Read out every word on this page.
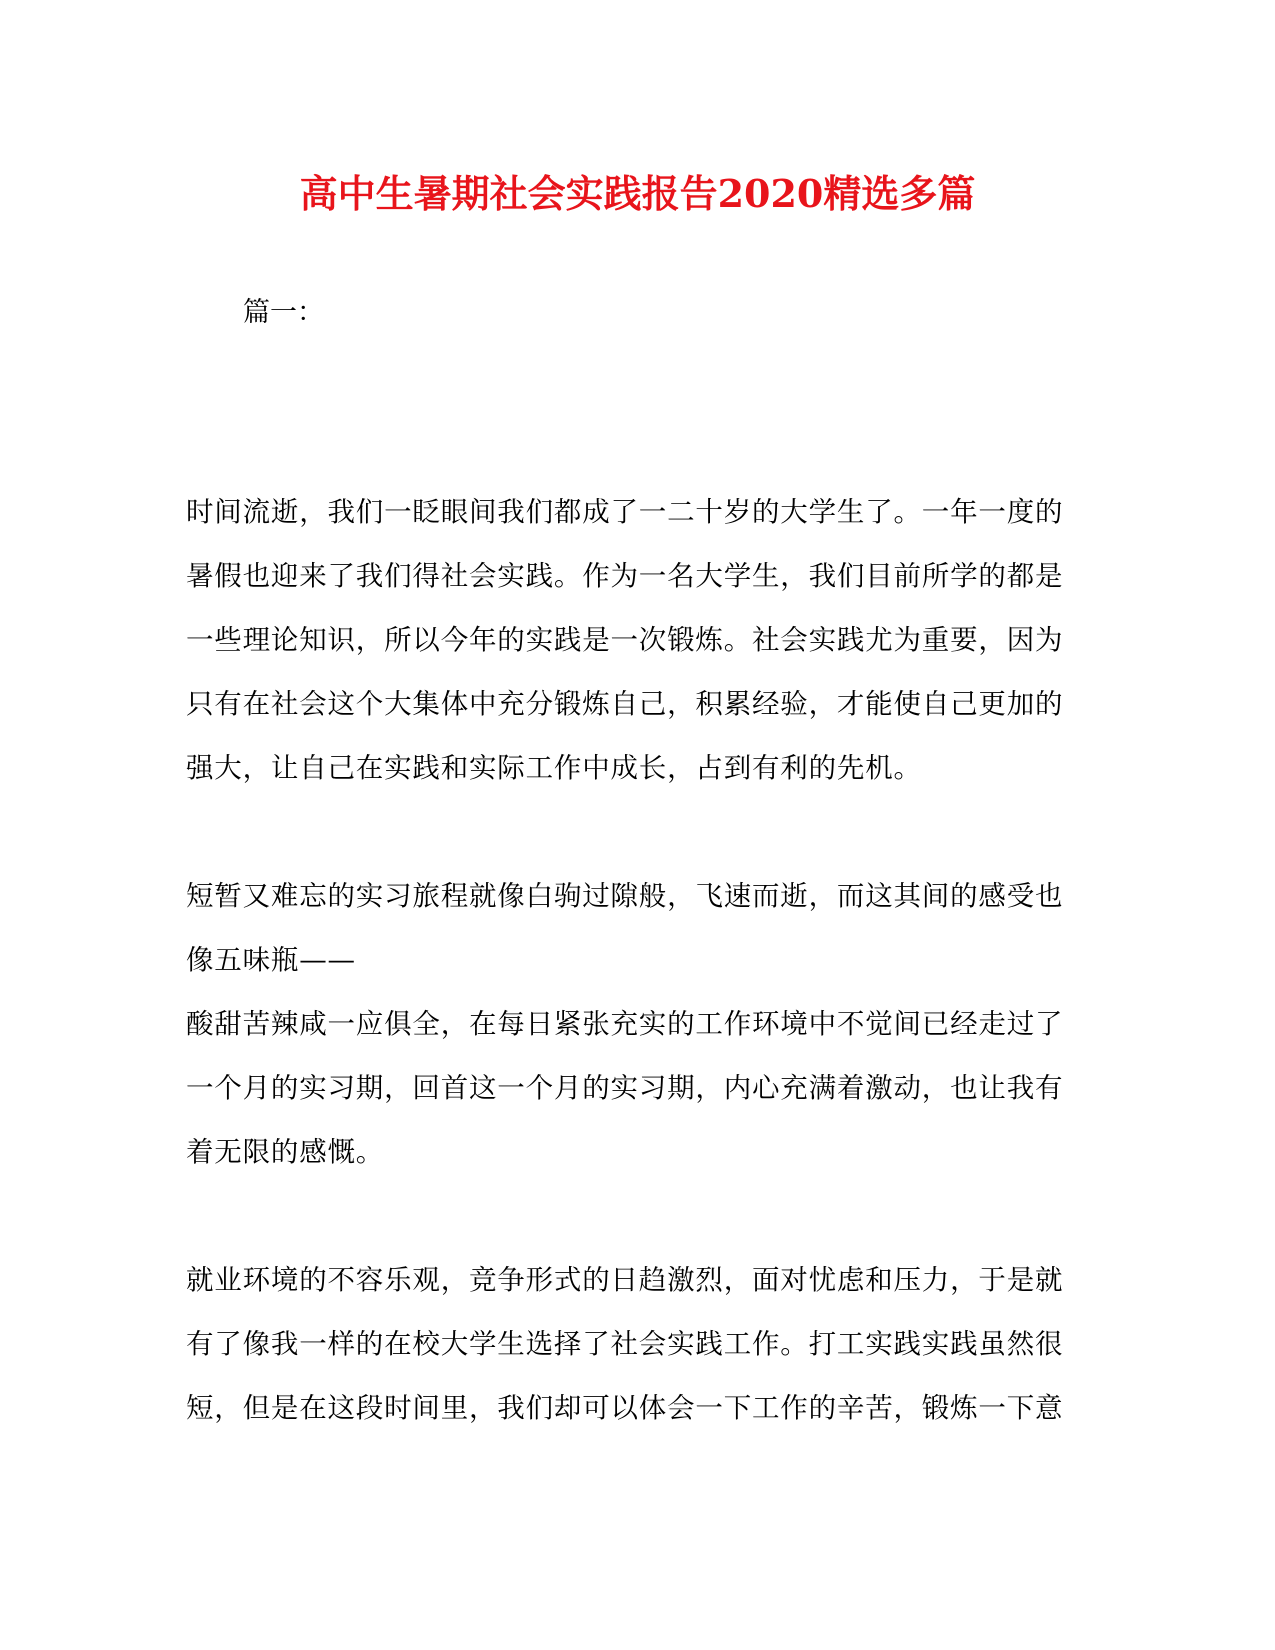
高中生暑期社会实践报告2020精选多篇
篇一：
时间流逝，我们一眨眼间我们都成了一二十岁的大学生了。一年一度的
暑假也迎来了我们得社会实践。作为一名大学生，我们目前所学的都是
一些理论知识，所以今年的实践是一次锻炼。社会实践尤为重要，因为
只有在社会这个大集体中充分锻炼自己，积累经验，才能使自己更加的
强大，让自己在实践和实际工作中成长，占到有利的先机。
短暂又难忘的实习旅程就像白驹过隙般，飞速而逝，而这其间的感受也
像五味瓶——
酸甜苦辣咸一应俱全，在每日紧张充实的工作环境中不觉间已经走过了
一个月的实习期，回首这一个月的实习期，内心充满着激动，也让我有
着无限的感慨。
就业环境的不容乐观，竞争形式的日趋激烈，面对忧虑和压力，于是就
有了像我一样的在校大学生选择了社会实践工作。打工实践实践虽然很
短，但是在这段时间里，我们却可以体会一下工作的辛苦，锻炼一下意
